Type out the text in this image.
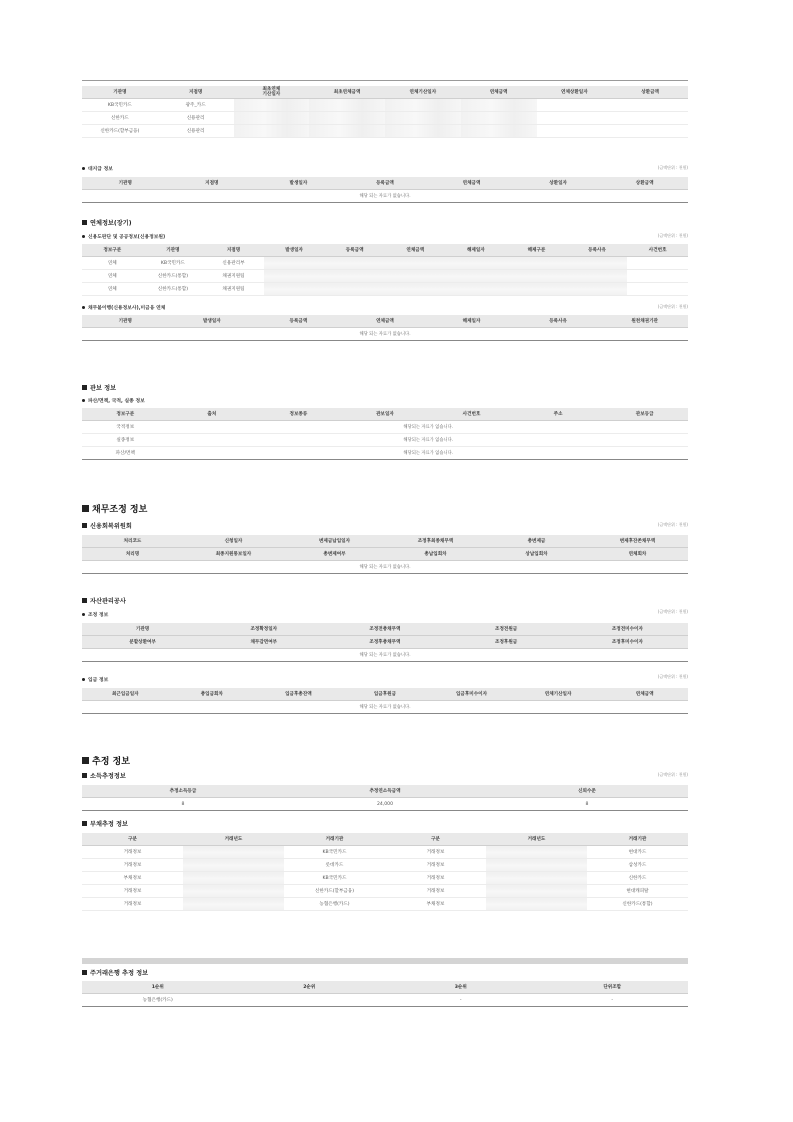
기관명	지점명	최초연체
기산일자	최초연체금액	연체기산일자	연체금액	연체상환일자	상환금액
KB국민카드	광주_카드						
신한카드	신용관리						
신한카드(할부금융)	신용관리						
대지급 정보	(금액단위 : 천원)
기관명	지점명	발생일자	등록금액	연체금액	상환일자	상환금액
해당 되는 자료가 없습니다.
연체정보(장기)
신용도판단 및 공공정보(신용정보원)	(금액단위 : 천원)
정보구분	기관명	지점명	발생일자	등록금액	연체금액	해제일자	해제구분	등록사유	사건번호
연체	KB국민카드	신용관리부							
연체	신한카드(통합)	채권지원팀							
연체	신한카드(통합)	채권지원팀							
채무불이행(신용정보사),미금융 연체	(금액단위 : 천원)
기관명	발생일자	등록금액	연체금액	해제일자	등록사유	원천채권기관
해당 되는 자료가 없습니다.
관보 정보
파산/면책, 국적, 실종 정보
정보구분	출처	정보종류	관보일자	사건번호	주소	관보등급
국적정보	해당되는 자료가 없습니다.					
실종정보	해당되는 자료가 없습니다.					
파산/면책	해당되는 자료가 없습니다.					
채무조정 정보
신용회복위원회	(금액단위 : 천원)
처리코드	신청일자	변제금납입일자	조정후최종채무액	총변제금	변제후잔존채무액
처리명	최종지원통보일자	총변제여부	총납입회차	상납입회차	연체회차
해당 되는 자료가 없습니다.					
자산관리공사
조정 정보
(금액단위 : 천원)
기관명	조정확정일자	조정전총채무액	조정전원금	조정전미수이자
분할상환여부	채무감면여부	조정후총채무액	조정후원금	조정후미수이자
해당 되는 자료가 없습니다.				
입금 정보
(금액단위 : 천원)
최근입금일자	총입금회차	입금후총잔액	입금후원금	입금후미수이자	연체기산일자	연체금액
해당 되는 자료가 없습니다.
추정 정보
소득추정정보	(금액단위 : 천원)
추정소득등급	추정연소득금액	신뢰수준
8	24,000	8
부채추정 정보
구분	거래년도	거래기관	구분	거래년도	거래기관
거래정보		KB국민카드	거래정보		현대카드
거래정보		롯데카드	거래정보		삼성카드
부채정보		KB국민카드	거래정보		신한카드
거래정보		신한카드(할부금융)	거래정보		현대캐피탈
거래정보		농협은행(카드)	부채정보		신한카드(통합)
주거래은행 추정 정보
1순위	2순위	3순위	단위조합
농협은행(카드)		-	-
